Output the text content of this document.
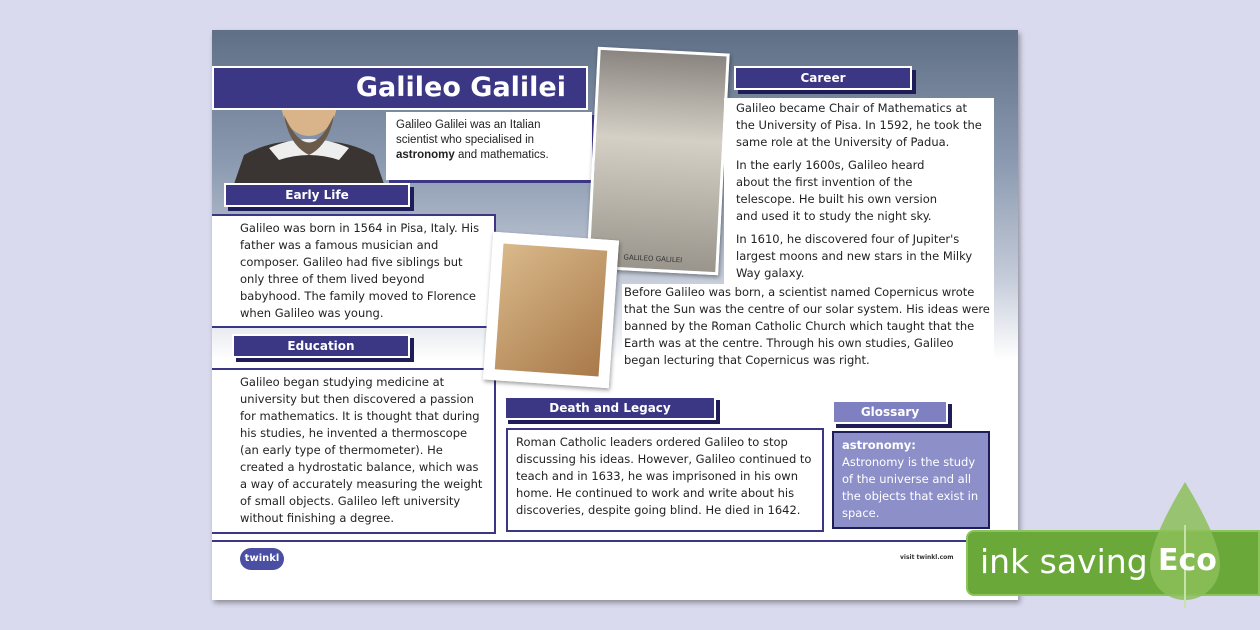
Galileo Galilei
Galileo Galilei was an Italian scientist who specialised in astronomy and mathematics.
Early Life
Galileo was born in 1564 in Pisa, Italy. His father was a famous musician and composer. Galileo had five siblings but only three of them lived beyond babyhood. The family moved to Florence when Galileo was young.
Education
Galileo began studying medicine at university but then discovered a passion for mathematics. It is thought that during his studies, he invented a thermoscope (an early type of thermometer). He created a hydrostatic balance, which was a way of accurately measuring the weight of small objects. Galileo left university without finishing a degree.
GALILEO GALILEI
Career

Galileo became Chair of Mathematics at the University of Pisa. In 1592, he took the same role at the University of Padua.

In the early 1600s, Galileo heard about the first invention of the telescope. He built his own version and used it to study the night sky.

In 1610, he discovered four of Jupiter's largest moons and new stars in the Milky Way galaxy.

Before Galileo was born, a scientist named Copernicus wrote that the Sun was the centre of our solar system. His ideas were banned by the Roman Catholic Church which taught that the Earth was at the centre. Through his own studies, Galileo began lecturing that Copernicus was right.
Death and Legacy
Roman Catholic leaders ordered Galileo to stop discussing his ideas. However, Galileo continued to teach and in 1633, he was imprisoned in his own home. He continued to work and write about his discoveries, despite going blind. He died in 1642.
Glossary
astronomy:
Astronomy is the study of the universe and all the objects that exist in space.
twinkl	visit twinkl.com ink saving Eco
